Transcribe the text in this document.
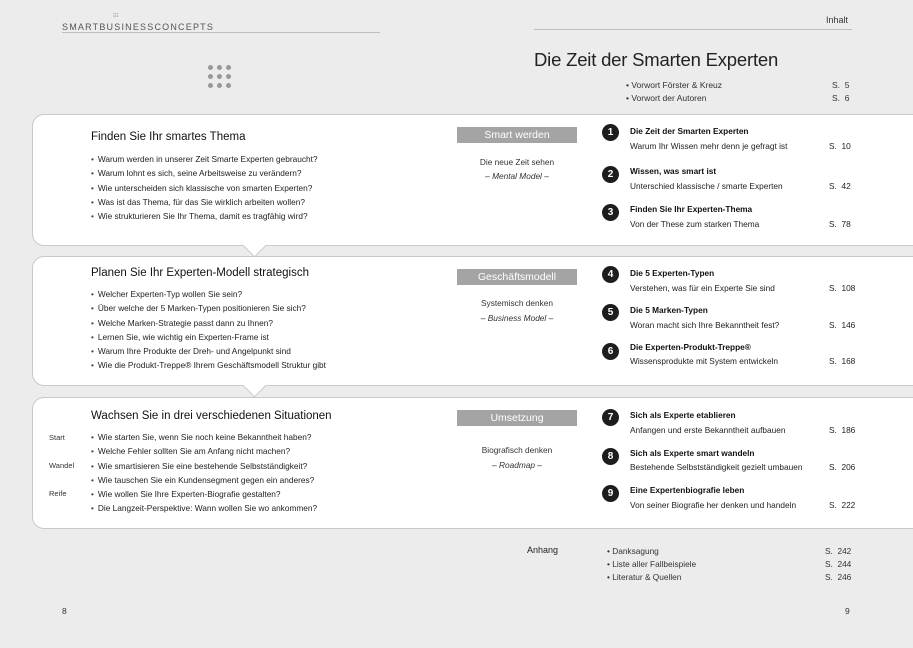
⁝⁝⁝
SMARTBUSINESSCONCEPTS
Inhalt
Die Zeit der Smarten Experten
• Vorwort Förster & Kreuz	S.  5
• Vorwort der Autoren	S.  6
Finden Sie Ihr smartes Thema
• Warum werden in unserer Zeit Smarte Experten gebraucht?
• Warum lohnt es sich, seine Arbeitsweise zu verändern?
• Wie unterscheiden sich klassische von smarten Experten?
• Was ist das Thema, für das Sie wirklich arbeiten wollen?
• Wie strukturieren Sie Ihr Thema, damit es tragfähig wird?
Smart werden
Die neue Zeit sehen
– Mental Model –
1	Die Zeit der Smarten Experten
Warum Ihr Wissen mehr denn je gefragt ist	S.  10
2	Wissen, was smart ist
Unterschied klassische / smarte Experten	S.  42
3	Finden Sie Ihr Experten-Thema
Von der These zum starken Thema	S.  78
Planen Sie Ihr Experten-Modell strategisch
• Welcher Experten-Typ wollen Sie sein?
• Über welche der 5 Marken-Typen positionieren Sie sich?
• Welche Marken-Strategie passt dann zu Ihnen?
• Lernen Sie, wie wichtig ein Experten-Frame ist
• Warum Ihre Produkte der Dreh- und Angelpunkt sind
• Wie die Produkt-Treppe® Ihrem Geschäftsmodell Struktur gibt
Geschäftsmodell
Systemisch denken
– Business Model –
4	Die 5 Experten-Typen
Verstehen, was für ein Experte Sie sind	S.  108
5	Die 5 Marken-Typen
Woran macht sich Ihre Bekanntheit fest?	S.  146
6	Die Experten-Produkt-Treppe®
Wissensprodukte mit System entwickeln	S.  168
Wachsen Sie in drei verschiedenen Situationen
Start
Wandel
Reife
• Wie starten Sie, wenn Sie noch keine Bekanntheit haben?
• Welche Fehler sollten Sie am Anfang nicht machen?
• Wie smartisieren Sie eine bestehende Selbstständigkeit?
• Wie tauschen Sie ein Kundensegment gegen ein anderes?
• Wie wollen Sie Ihre Experten-Biografie gestalten?
• Die Langzeit-Perspektive: Wann wollen Sie wo ankommen?
Umsetzung
Biografisch denken
– Roadmap –
7	Sich als Experte etablieren
Anfangen und erste Bekanntheit aufbauen	S.  186
8	Sich als Experte smart wandeln
Bestehende Selbstständigkeit gezielt umbauen	S.  206
9	Eine Expertenbiografie leben
Von seiner Biografie her denken und handeln	S.  222
Anhang	• Danksagung	S.  242
• Liste aller Fallbeispiele	S.  244
• Literatur & Quellen	S.  246
8	9
